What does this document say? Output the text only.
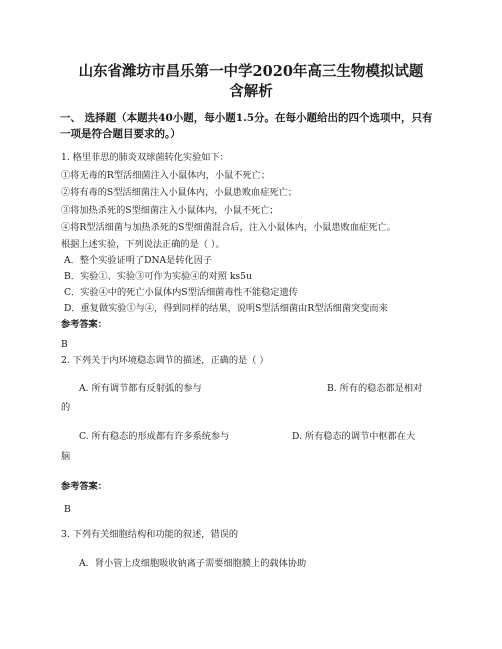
山东省潍坊市昌乐第一中学2020年高三生物模拟试题
含解析
一、 选择题（本题共40小题，每小题1.5分。在每小题给出的四个选项中，只有
一项是符合题目要求的。）
1. 格里菲思的肺炎双球菌转化实验如下：
①将无毒的R型活细菌注入小鼠体内，小鼠不死亡；
②将有毒的S型活细菌注入小鼠体内，小鼠患败血症死亡；
③将加热杀死的S型细菌注入小鼠体内，小鼠不死亡；
④将R型活细菌与加热杀死的S型细菌混合后，注入小鼠体内，小鼠患败血症死亡。
根据上述实验，下列说法正确的是（ ）。
A．整个实验证明了DNA是转化因子
B．实验①、实验③可作为实验④的对照 ks5u
C．实验④中的死亡小鼠体内S型活细菌毒性不能稳定遗传
D．重复做实验①与④，得到同样的结果，说明S型活细菌由R型活细菌突变而来
参考答案：
B
2. 下列关于内环境稳态调节的描述，正确的是（ ）
A. 所有调节都有反射弧的参与	B. 所有的稳态都是相对
的
C. 所有稳态的形成都有许多系统参与	D. 所有稳态的调节中枢都在大
脑
参考答案：
B
3. 下列有关细胞结构和功能的叙述，错误的
A．肾小管上皮细胞吸收钠离子需要细胞膜上的载体协助
